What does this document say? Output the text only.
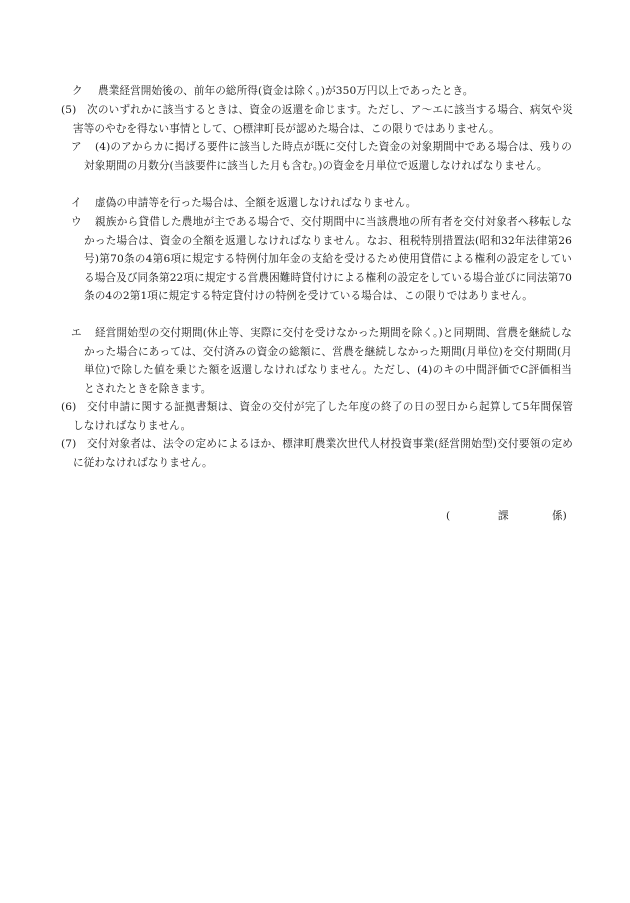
ク 農業経営開始後の、前年の総所得(資金は除く。)が350万円以上であったとき。
(5)	次のいずれかに該当するときは、資金の返還を命じます。ただし、ア〜エに該当する場合、病気や災害等のやむを得ない事情として、○標津町長が認めた場合は、この限りではありません。
ア	(4)のアからカに掲げる要件に該当した時点が既に交付した資金の対象期間中である場合は、残りの対象期間の月数分(当該要件に該当した月も含む。)の資金を月単位で返還しなければなりません。
イ 虚偽の申請等を行った場合は、全額を返還しなければなりません。
ウ	親族から貸借した農地が主である場合で、交付期間中に当該農地の所有者を交付対象者へ移転しなかった場合は、資金の全額を返還しなければなりません。なお、租税特別措置法(昭和32年法律第26号)第70条の4第6項に規定する特例付加年金の支給を受けるため使用貸借による権利の設定をしている場合及び同条第22項に規定する営農困難時貸付けによる権利の設定をしている場合並びに同法第70条の4の2第1項に規定する特定貸付けの特例を受けている場合は、この限りではありません。
エ	経営開始型の交付期間(休止等、実際に交付を受けなかった期間を除く。)と同期間、営農を継続しなかった場合にあっては、交付済みの資金の総額に、営農を継続しなかった期間(月単位)を交付期間(月単位)で除した値を乗じた額を返還しなければなりません。ただし、(4)のキの中間評価でC評価相当とされたときを除きます。
(6)	交付申請に関する証拠書類は、資金の交付が完了した年度の終了の日の翌日から起算して5年間保管しなければなりません。
(7)	交付対象者は、法令の定めによるほか、標津町農業次世代人材投資事業(経営開始型)交付要領の定めに従わなければなりません。
(	課	係)
